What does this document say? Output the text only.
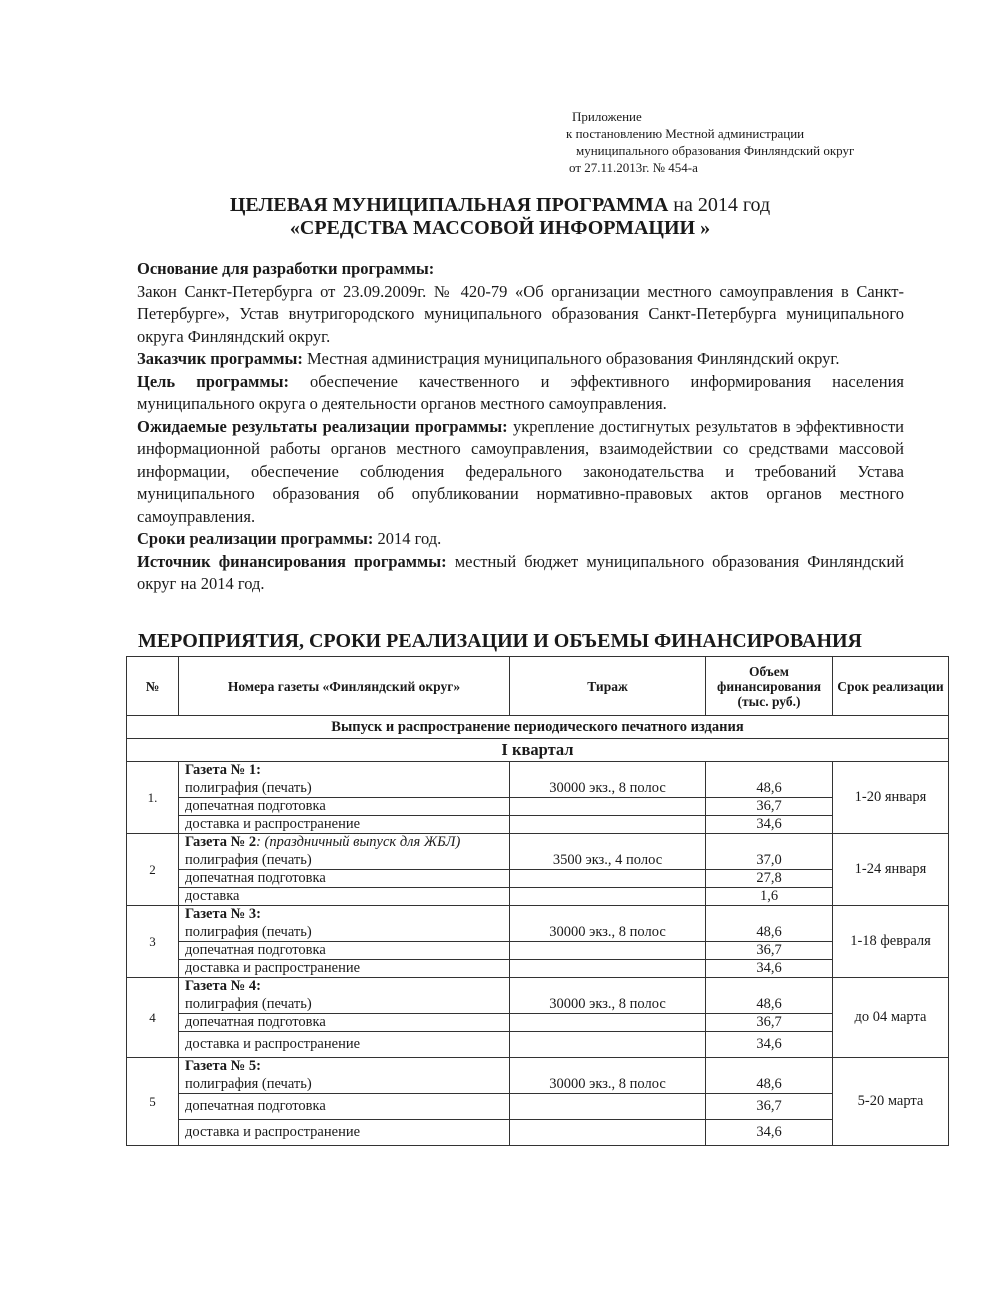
Приложение
к постановлению Местной администрации
муниципального образования Финляндский округ
от 27.11.2013г. № 454-а
ЦЕЛЕВАЯ МУНИЦИПАЛЬНАЯ ПРОГРАММА на 2014 год
«СРЕДСТВА МАССОВОЙ ИНФОРМАЦИИ »

Основание для разработки программы:
Закон Санкт-Петербурга от 23.09.2009г. № 420-79 «Об организации местного самоуправления в Санкт-Петербурге», Устав внутригородского муниципального образования Санкт-Петербурга муниципального округа Финляндский округ.

Заказчик программы: Местная администрация муниципального образования Финляндский округ.

Цель программы: обеспечение качественного и эффективного информирования населения муниципального округа о деятельности органов местного самоуправления.

Ожидаемые результаты реализации программы: укрепление достигнутых результатов в эффективности информационной работы органов местного самоуправления, взаимодействии со средствами массовой информации, обеспечение соблюдения федерального законодательства и требований Устава муниципального образования об опубликовании нормативно-правовых актов органов местного самоуправления.

Сроки реализации программы: 2014 год.

Источник финансирования программы: местный бюджет муниципального образования Финляндский округ на 2014 год.

МЕРОПРИЯТИЯ, СРОКИ РЕАЛИЗАЦИИ И ОБЪЕМЫ ФИНАНСИРОВАНИЯ
№	Номера газеты «Финляндский округ»	Тираж	Объем финансирования (тыс. руб.)	Срок реализации
Выпуск и распространение периодического печатного издания				
I квартал				
1.	Газета № 1:			1-20 января
	полиграфия (печать)	30000 экз., 8 полос	48,6	
	допечатная подготовка		36,7	
	доставка и распространение		34,6	
2	Газета № 2: (праздничный выпуск для ЖБЛ)			1-24 января
	полиграфия (печать)	3500 экз., 4 полос	37,0	
	допечатная подготовка		27,8	
	доставка		1,6	
3	Газета № 3:			1-18 февраля
	полиграфия (печать)	30000 экз., 8 полос	48,6	
	допечатная подготовка		36,7	
	доставка и распространение		34,6	
4	Газета № 4:			до 04 марта
	полиграфия (печать)	30000 экз., 8 полос	48,6	
	допечатная подготовка		36,7	
	доставка и распространение		34,6	
5	Газета № 5:			5-20 марта
	полиграфия (печать)	30000 экз., 8 полос	48,6	
	допечатная подготовка		36,7	
	доставка и распространение		34,6	
